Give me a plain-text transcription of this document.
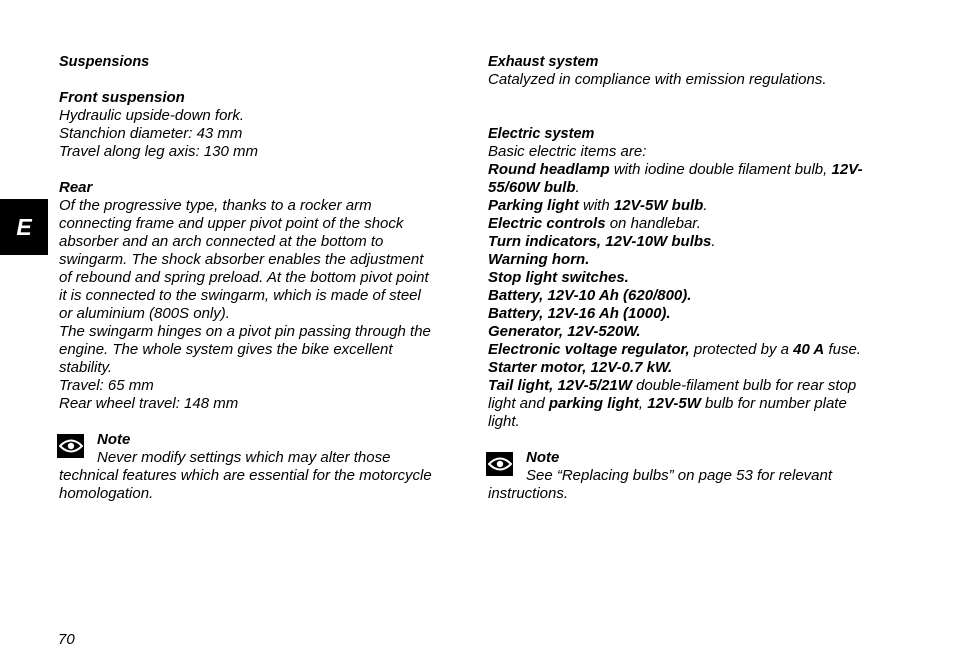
E
Suspensions
Front suspension

Hydraulic upside-down fork.

Stanchion diameter: 43 mm

Travel along leg axis: 130 mm

Rear

Of the progressive type, thanks to a rocker arm

connecting frame and upper pivot point of the shock

absorber and an arch connected at the bottom to

swingarm. The shock absorber enables the adjustment

of rebound and spring preload. At the bottom pivot point

it is connected to the swingarm, which is made of steel

or aluminium (800S only).

The swingarm hinges on a pivot pin passing through the

engine. The whole system gives the bike excellent

stability.

Travel: 65 mm

Rear wheel travel: 148 mm

Note

Never modify settings which may alter those

technical features which are essential for the motorcycle

homologation.

Exhaust system

Catalyzed in compliance with emission regulations.

Electric system

Basic electric items are:

Round headlamp with iodine double filament bulb, 12V-

55/60W bulb.

Parking light with 12V-5W bulb.

Electric controls on handlebar.

Turn indicators, 12V-10W bulbs.

Warning horn.

Stop light switches.

Battery, 12V-10 Ah (620/800).

Battery, 12V-16 Ah (1000).

Generator, 12V-520W.

Electronic voltage regulator, protected by a 40 A fuse.

Starter motor, 12V-0.7 kW.

Tail light, 12V-5/21W double-filament bulb for rear stop

light and parking light, 12V-5W bulb for number plate

light.

Note

See “Replacing bulbs” on page 53 for relevant

instructions.

70
